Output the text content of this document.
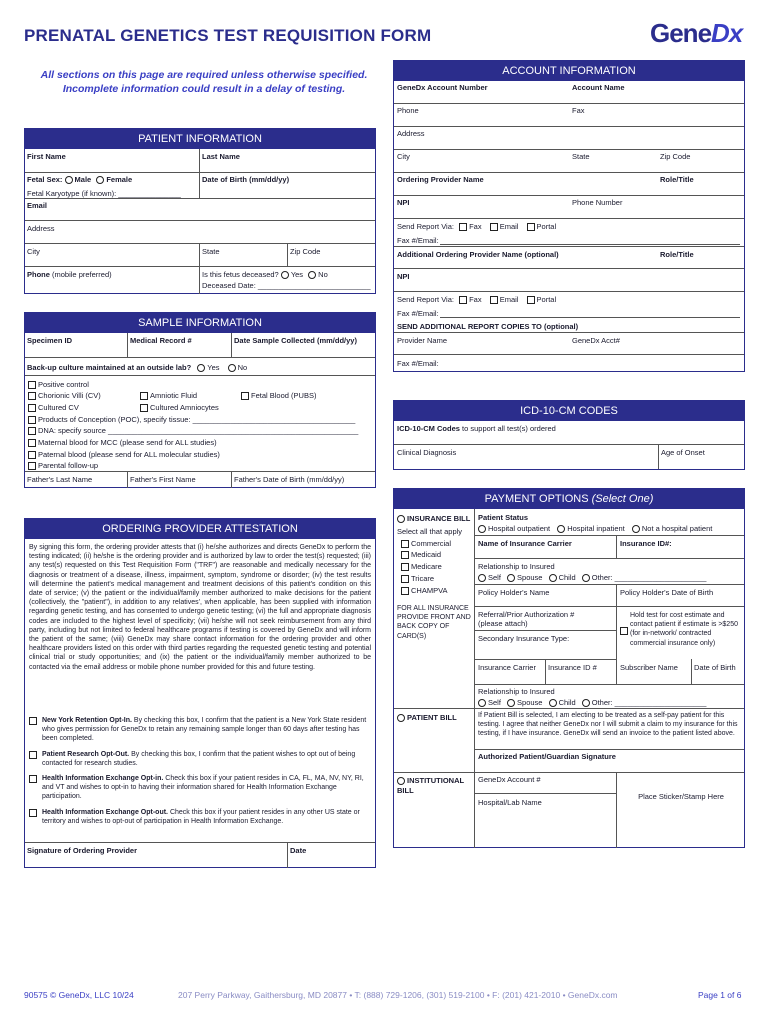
PRENATAL GENETICS TEST REQUISITION FORM	GeneDx
All sections on this page are required unless otherwise specified.
Incomplete information could result in a delay of testing.
ACCOUNT INFORMATION
GeneDx Account Number	Account Name
Phone	Fax
Address
City	State	Zip Code
Ordering Provider Name	Role/Title
NPI	Phone Number
Send Report Via: Fax Email Portal
Fax #/Email:
Additional Ordering Provider Name (optional)	Role/Title
NPI
Send Report Via: Fax Email Portal
Fax #/Email:
SEND ADDITIONAL REPORT COPIES TO (optional)
Provider Name	GeneDx Acct#
Fax #/Email:
PATIENT INFORMATION
First Name	Last Name
Fetal Sex: Male Female	Date of Birth (mm/dd/yy)
Fetal Karyotype (if known): _______________
Email
Address
City	State	Zip Code
Phone (mobile preferred)	Is this fetus deceased? Yes No
Deceased Date: ___________________________
SAMPLE INFORMATION
Specimen ID	Medical Record #	Date Sample Collected (mm/dd/yy)
Back-up culture maintained at an outside lab? Yes No
Positive control
Chorionic Villi (CV)	Amniotic Fluid	Fetal Blood (PUBS)
Cultured CV	Cultured Amniocytes
Products of Conception (POC), specify tissue: _______________________________________
DNA: specify source ____________________________________________________________
Maternal blood for MCC (please send for ALL studies)
Paternal blood (please send for ALL molecular studies)
Parental follow-up
Father's Last Name	Father's First Name	Father's Date of Birth (mm/dd/yy)
ICD-10-CM CODES
ICD-10-CM Codes to support all test(s) ordered
Clinical Diagnosis	Age of Onset
ORDERING PROVIDER ATTESTATION
By signing this form, the ordering provider attests that (i) he/she authorizes and directs GeneDx to perform the testing indicated; (ii) he/she is the ordering provider and is authorized by law to order the test(s) requested; (iii) any test(s) requested on this Test Requisition Form ("TRF") are reasonable and medically necessary for the diagnosis or treatment of a disease, illness, impairment, symptom, syndrome or disorder; (iv) the test results will determine the patient's medical management and treatment decisions of this patient's condition on this date of service; (v) the patient or the individual/family member authorized to make decisions for the patient (collectively, the "patient"), in addition to any relatives', when applicable, has been supplied with information regarding genetic testing, and has consented to undergo genetic testing; (vi) the full and appropriate diagnosis codes are included to the highest level of specificity; (vii) he/she will not seek reimbursement from any third party, including but not limited to federal healthcare programs if testing is covered by GeneDx and will inform the patient of the same; (viii) GeneDx may share contact information for the ordering provider and other healthcare providers listed on this order with third parties regarding the requested genetic testing and potential clinical trial or study opportunities; and (ix) the patient or the individual/family member authorized to be contacted via the email address or mobile phone number provided for this and future testing.
New York Retention Opt-In. By checking this box, I confirm that the patient is a New York State resident who gives permission for GeneDx to retain any remaining sample longer than 60 days after testing has been completed.
Patient Research Opt-Out. By checking this box, I confirm that the patient wishes to opt out of being contacted for research studies.
Health Information Exchange Opt-in. Check this box if your patient resides in CA, FL, MA, NV, NY, RI, and VT and wishes to opt-in to having their information shared for Health Information Exchange participation.
Health Information Exchange Opt-out. Check this box if your patient resides in any other US state or territory and wishes to opt-out of participation in Health Information Exchange.
Signature of Ordering Provider	Date
PAYMENT OPTIONS (Select One)
INSURANCE BILL
Select all that apply
Commercial
Medicaid
Medicare
Tricare
CHAMPVA
FOR ALL INSURANCE PROVIDE FRONT AND BACK COPY OF CARD(S)
Patient Status
Hospital outpatient Hospital inpatient Not a hospital patient
Name of Insurance Carrier	Insurance ID#:
Relationship to Insured
Self Spouse Child Other: ______________________
Policy Holder's Name	Policy Holder's Date of Birth
Referral/Prior Authorization #
(please attach)
Secondary Insurance Type:
Hold test for cost estimate and contact patient if estimate is >$250 (for in-network/ contracted commercial insurance only)
Insurance Carrier Insurance ID #	Subscriber Name Date of Birth
Relationship to Insured
Self Spouse Child Other: ______________________
PATIENT BILL	If Patient Bill is selected, I am electing to be treated as a self-pay patient for this testing. I agree that neither GeneDx nor I will submit a claim to my insurance for this testing, if I have insurance. GeneDx will send an invoice to the patient listed above.
Authorized Patient/Guardian Signature
INSTITUTIONAL BILL
GeneDx Account #
Hospital/Lab Name
Place Sticker/Stamp Here
90575 © GeneDx, LLC 10/24	207 Perry Parkway, Gaithersburg, MD 20877 • T: (888) 729-1206, (301) 519-2100 • F: (201) 421-2010 • GeneDx.com	Page 1 of 6
